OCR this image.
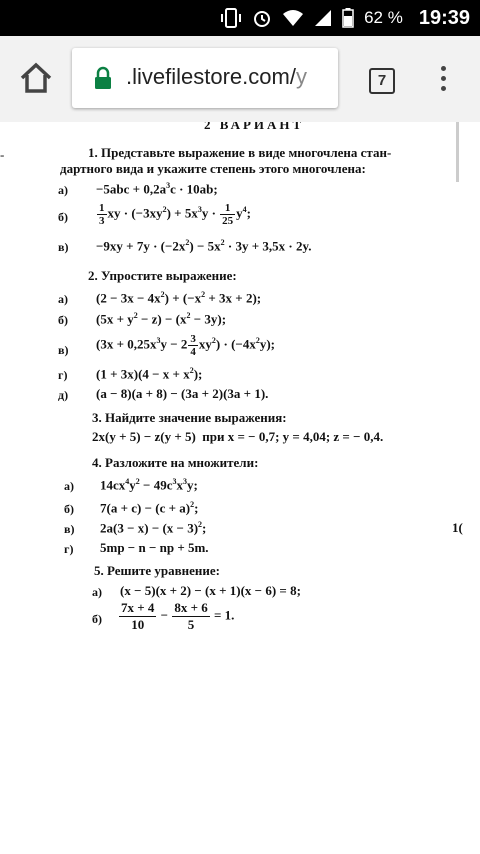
62 % 19:39
.livefilestore.com/y	7
-
2 ВАРИАНТ
1. Представьте выражение в виде многочлена стан-
дартного вида и укажите степень этого многочлена:
$а) -5abc + 0,2a^3c \cdot 10ab$;
б)	$\frac{1}{3}$ xy · $(-3xy^2) + 5x^3y \cdot \frac{1}{25} y^4$;
$в) -9xy + 7y \cdot (-2x^2) - 5x^2 \cdot 3y + 3,5x \cdot 2y$.
2. Упростите выражение:
а) $(2 - 3x - 4x^2) + (-x^2 + 3x + 2)$;
б) $(5x + y^2 - z) - (x^2 - 3y)$;
в) $(3x + 0,25x^3y - 2 \frac{3}{4} xy^2) \cdot (-4x^2y)$;
г) $(1 + 3x)(4 - x + x^2)$;
д) (a − 8)(a + 8) − (3a + 2)(3a + 1).
3. Найдите значение выражения:
2x(y + 5) − z(y + 5)  при x = − 0,7; y = 4,04; z = − 0,4.
4. Разложите на множители:
а) $14cx^4y^2 - 49c^3x^3y$;
б) $7(a + c) - (c + a)^2$;
в) $2a(3 - x) - (x - 3)^2$;	1(
г) 5mp − n − np + 5m.
5. Решите уравнение:
а) (x − 5)(x + 2) − (x + 1)(x − 6) = 8;
$б) \frac{7x + 4}{10} - \frac{8x + 6}{5} = 1$.
